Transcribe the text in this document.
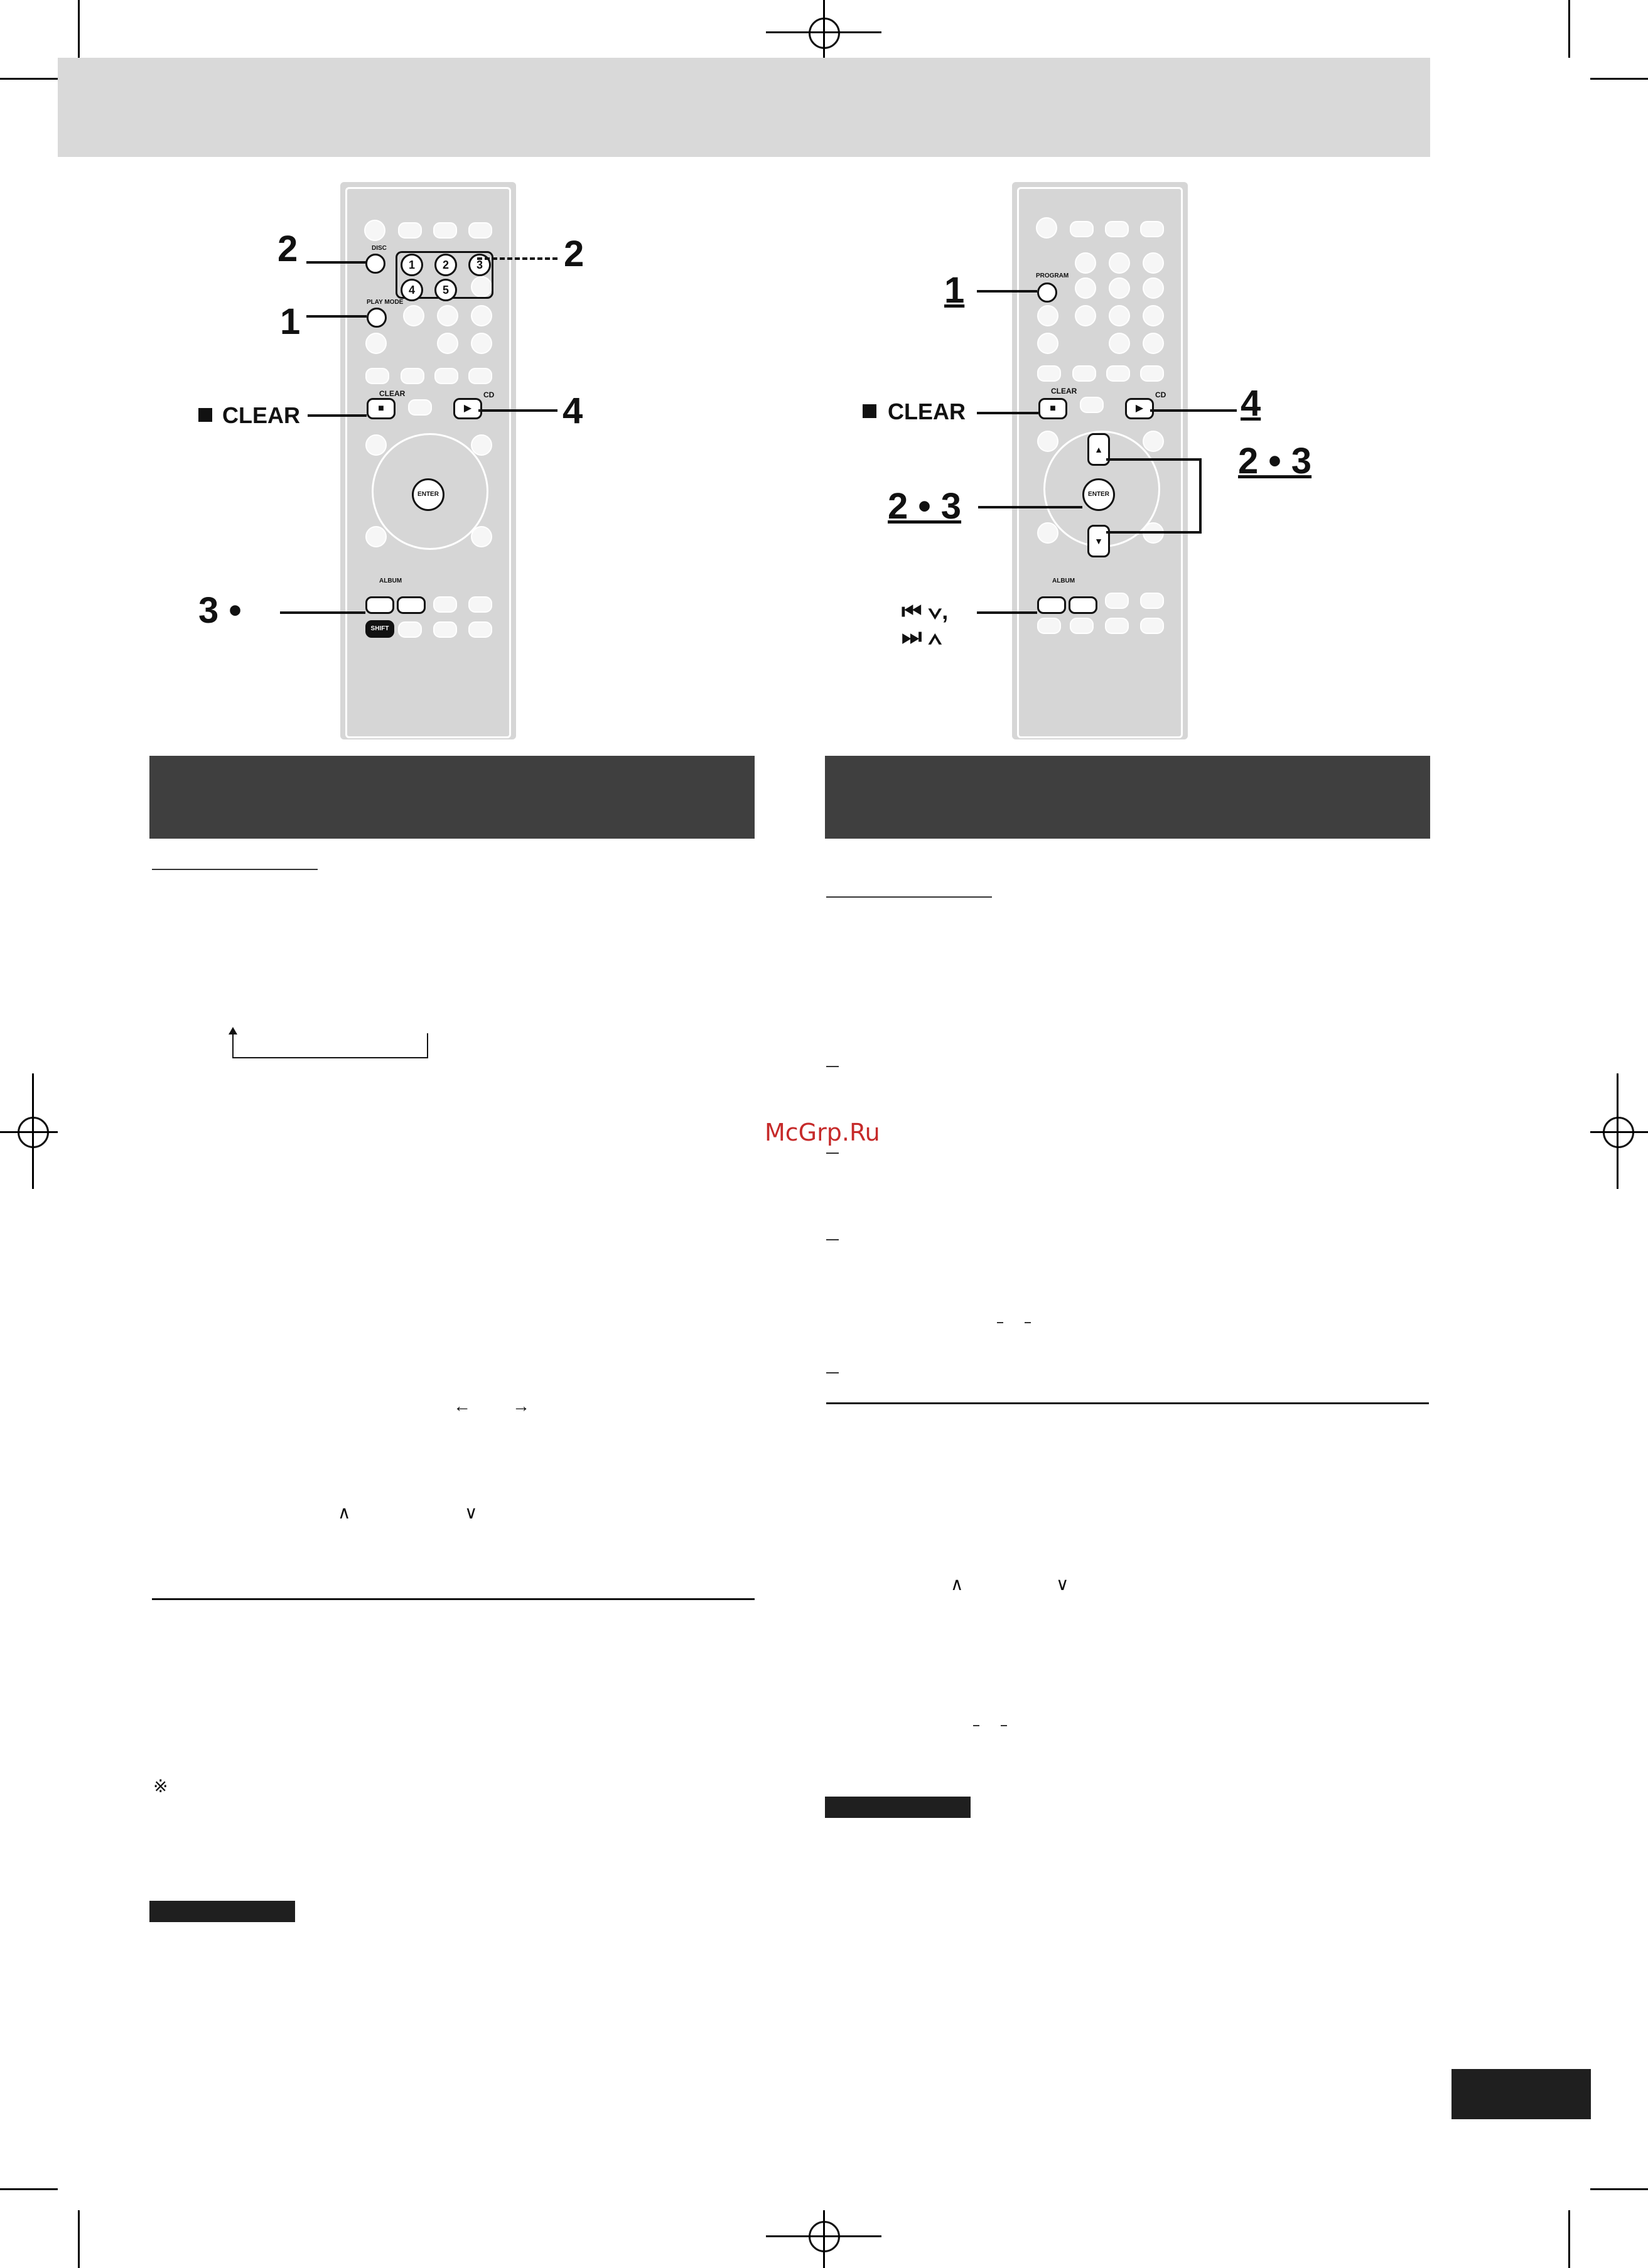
DISC
1	2	3
4	5
PLAY MODE
■
CLEAR
▶
CD
ENTER
ALBUM
SHIFT
2	2
1
CLEAR	4
3 •
PROGRAM
■
CLEAR
▶
CD
▲
ENTER
▼
ALBUM
1
CLEAR	4
2 • 3
2 • 3
⏮ ∨,
⏭ ∧
← →
∧	∨
※
McGrp.Ru
∧	∨
